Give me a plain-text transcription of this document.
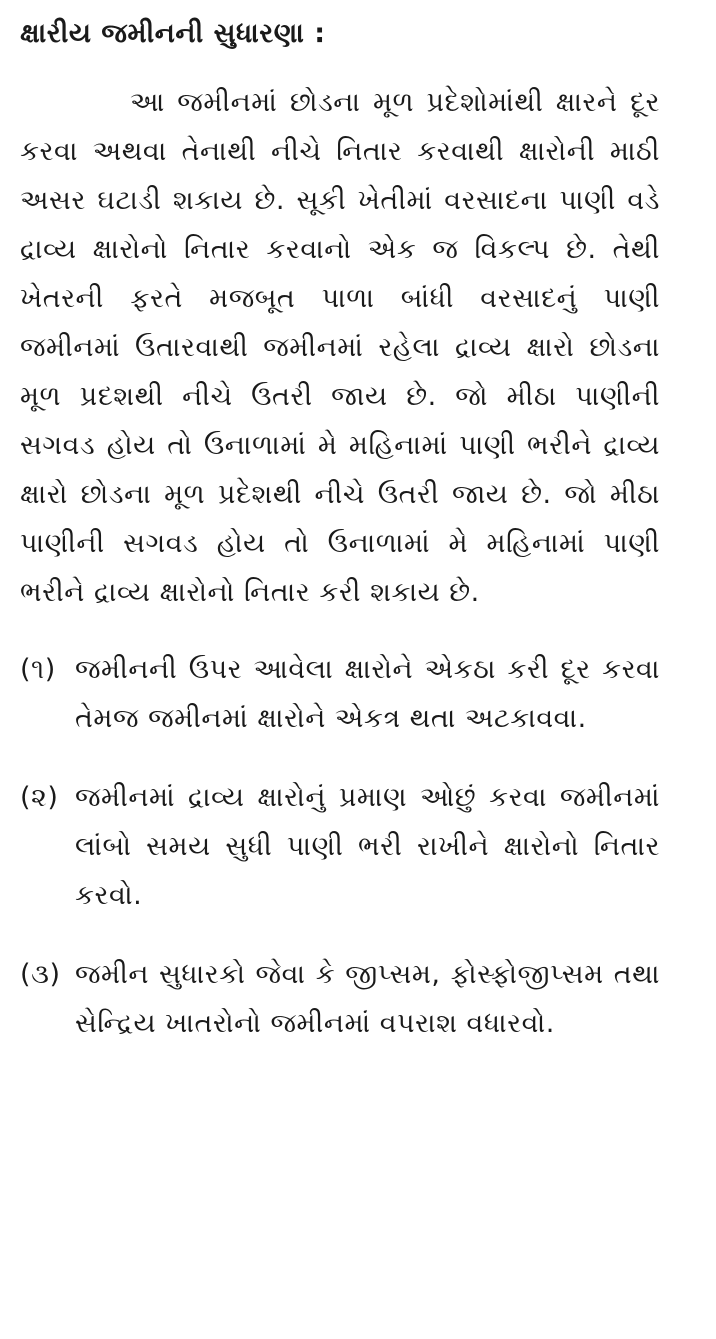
ક્ષારીય જમીનની સુધારણા :
આ જમીનમાં છોડના મૂળ પ્રદેશોમાંથી ક્ષારને દૂર કરવા અથવા તેનાથી નીચે નિતાર કરવાથી ક્ષારોની માઠી અસર ઘટાડી શકાય છે. સૂકી ખેતીમાં વરસાદના પાણી વડે દ્રાવ્ય ક્ષારોનો નિતાર કરવાનો એક જ વિકલ્પ છે. તેથી ખેતરની ફરતે મજબૂત પાળા બાંધી વરસાદનું પાણી જમીનમાં ઉતારવાથી જમીનમાં રહેલા દ્રાવ્ય ક્ષારો છોડના મૂળ પ્રદશથી નીચે ઉતરી જાય છે. જો મીઠા પાણીની સગવડ હોય તો ઉનાળામાં મે મહિનામાં પાણી ભરીને દ્રાવ્ય ક્ષારો છોડના મૂળ પ્રદેશથી નીચે ઉતરી જાય છે. જો મીઠા પાણીની સગવડ હોય તો ઉનાળામાં મે મહિનામાં પાણી ભરીને દ્રાવ્ય ક્ષારોનો નિતાર કરી શકાય છે.
(૧) જમીનની ઉપર આવેલા ક્ષારોને એકઠા કરી દૂર કરવા તેમજ જમીનમાં ક્ષારોને એકત્ર થતા અટકાવવા.
(૨) જમીનમાં દ્રાવ્ય ક્ષારોનું પ્રમાણ ઓછું કરવા જમીનમાં લાંબો સમય સુધી પાણી ભરી રાખીને ક્ષારોનો નિતાર કરવો.
(૩) જમીન સુધારકો જેવા કે જીપ્સમ, ફોસ્ફોજીપ્સમ તથા સેન્દ્રિય ખાતરોનો જમીનમાં વપરાશ વધારવો.
